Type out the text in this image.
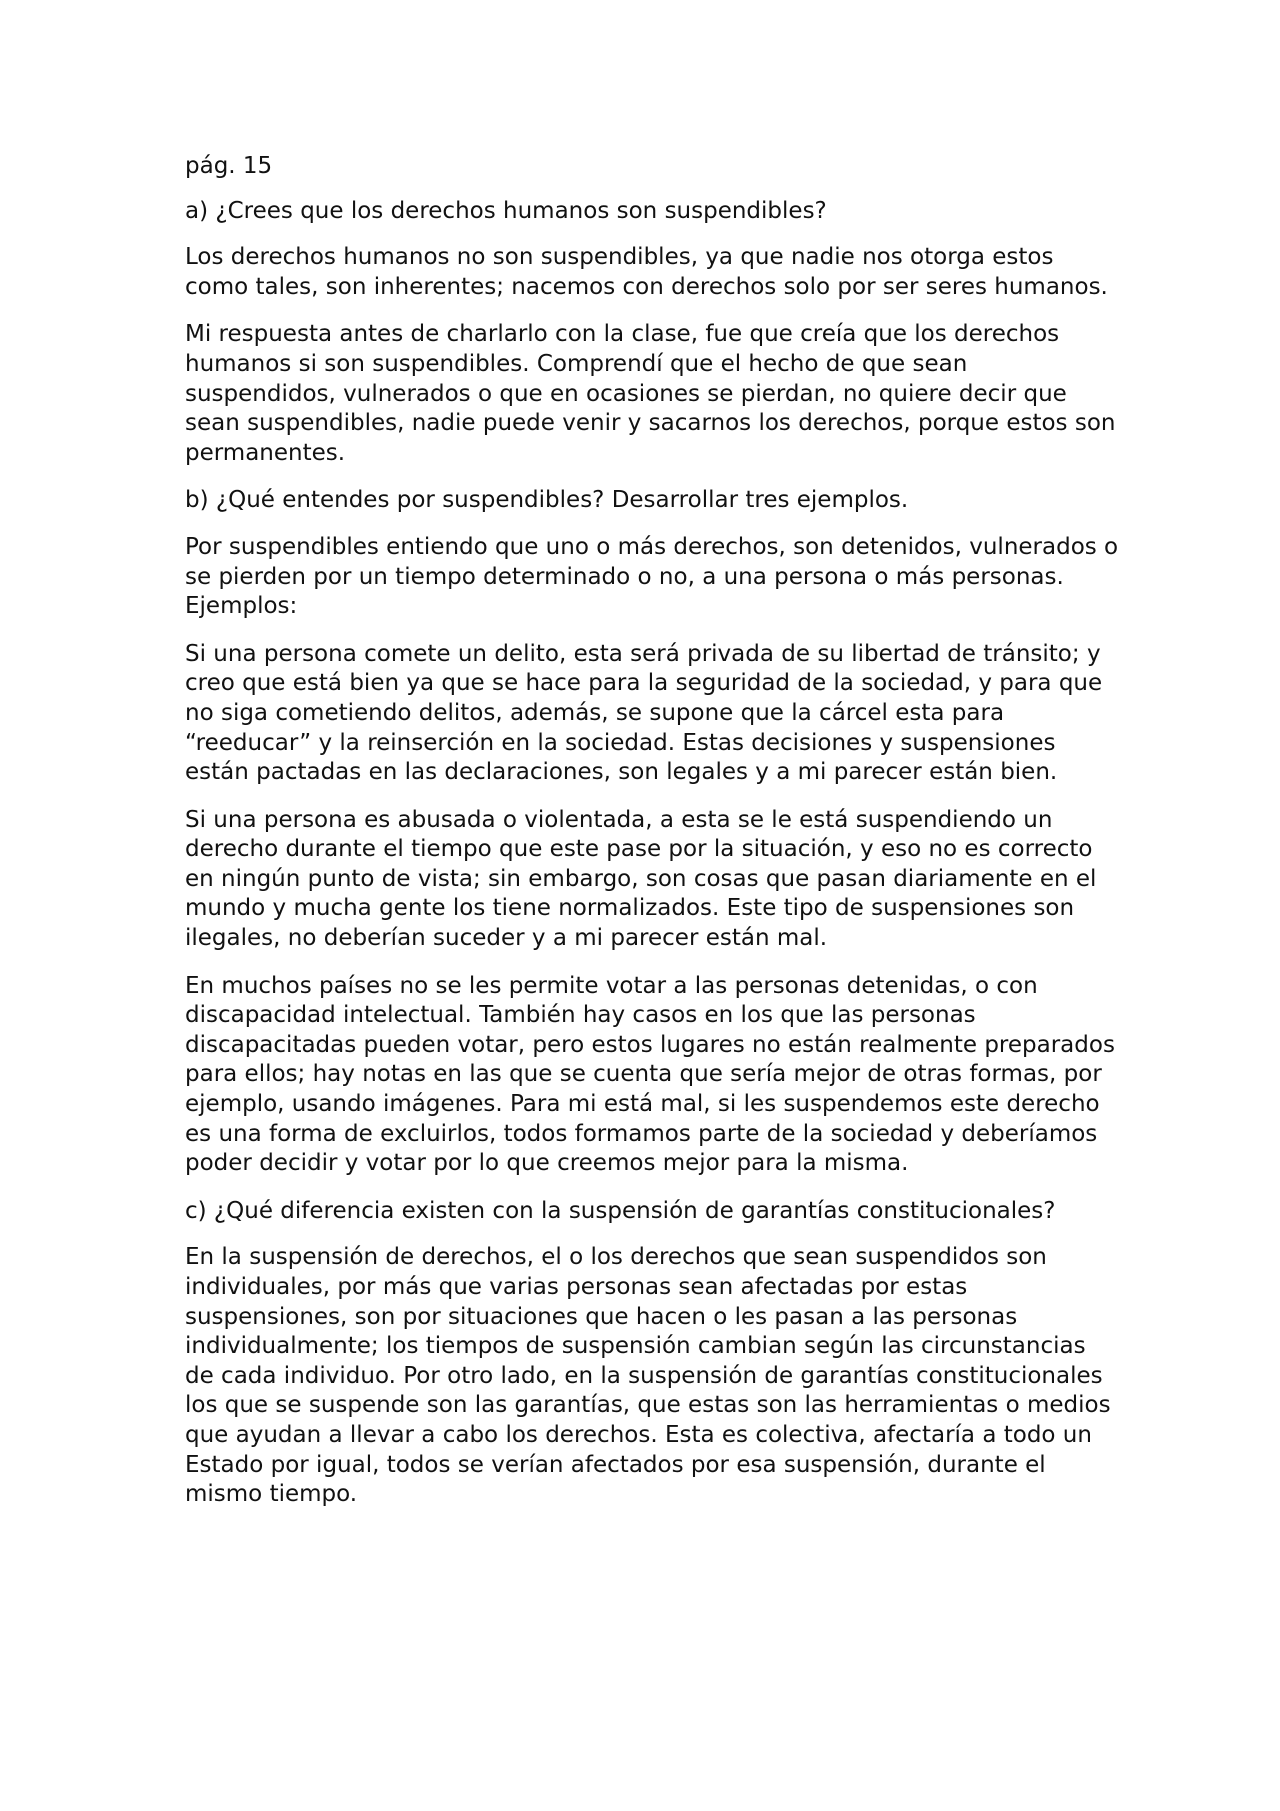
pág. 15

a) ¿Crees que los derechos humanos son suspendibles?

Los derechos humanos no son suspendibles, ya que nadie nos otorga estos como tales, son inherentes; nacemos con derechos solo por ser seres humanos.

Mi respuesta antes de charlarlo con la clase, fue que creía que los derechos humanos si son suspendibles. Comprendí que el hecho de que sean suspendidos, vulnerados o que en ocasiones se pierdan, no quiere decir que sean suspendibles, nadie puede venir y sacarnos los derechos, porque estos son permanentes.

b) ¿Qué entendes por suspendibles? Desarrollar tres ejemplos.

Por suspendibles entiendo que uno o más derechos, son detenidos, vulnerados o se pierden por un tiempo determinado o no, a una persona o más personas. Ejemplos:

Si una persona comete un delito, esta será privada de su libertad de tránsito; y creo que está bien ya que se hace para la seguridad de la sociedad, y para que no siga cometiendo delitos, además, se supone que la cárcel esta para “reeducar” y la reinserción en la sociedad. Estas decisiones y suspensiones están pactadas en las declaraciones, son legales y a mi parecer están bien.

Si una persona es abusada o violentada, a esta se le está suspendiendo un derecho durante el tiempo que este pase por la situación, y eso no es correcto en ningún punto de vista; sin embargo, son cosas que pasan diariamente en el mundo y mucha gente los tiene normalizados. Este tipo de suspensiones son ilegales, no deberían suceder y a mi parecer están mal.

En muchos países no se les permite votar a las personas detenidas, o con discapacidad intelectual. También hay casos en los que las personas discapacitadas pueden votar, pero estos lugares no están realmente preparados para ellos; hay notas en las que se cuenta que sería mejor de otras formas, por ejemplo, usando imágenes. Para mi está mal, si les suspendemos este derecho es una forma de excluirlos, todos formamos parte de la sociedad y deberíamos poder decidir y votar por lo que creemos mejor para la misma.

c) ¿Qué diferencia existen con la suspensión de garantías constitucionales?

En la suspensión de derechos, el o los derechos que sean suspendidos son individuales, por más que varias personas sean afectadas por estas suspensiones, son por situaciones que hacen o les pasan a las personas individualmente; los tiempos de suspensión cambian según las circunstancias de cada individuo. Por otro lado, en la suspensión de garantías constitucionales los que se suspende son las garantías, que estas son las herramientas o medios que ayudan a llevar a cabo los derechos. Esta es colectiva, afectaría a todo un Estado por igual, todos se verían afectados por esa suspensión, durante el mismo tiempo.
